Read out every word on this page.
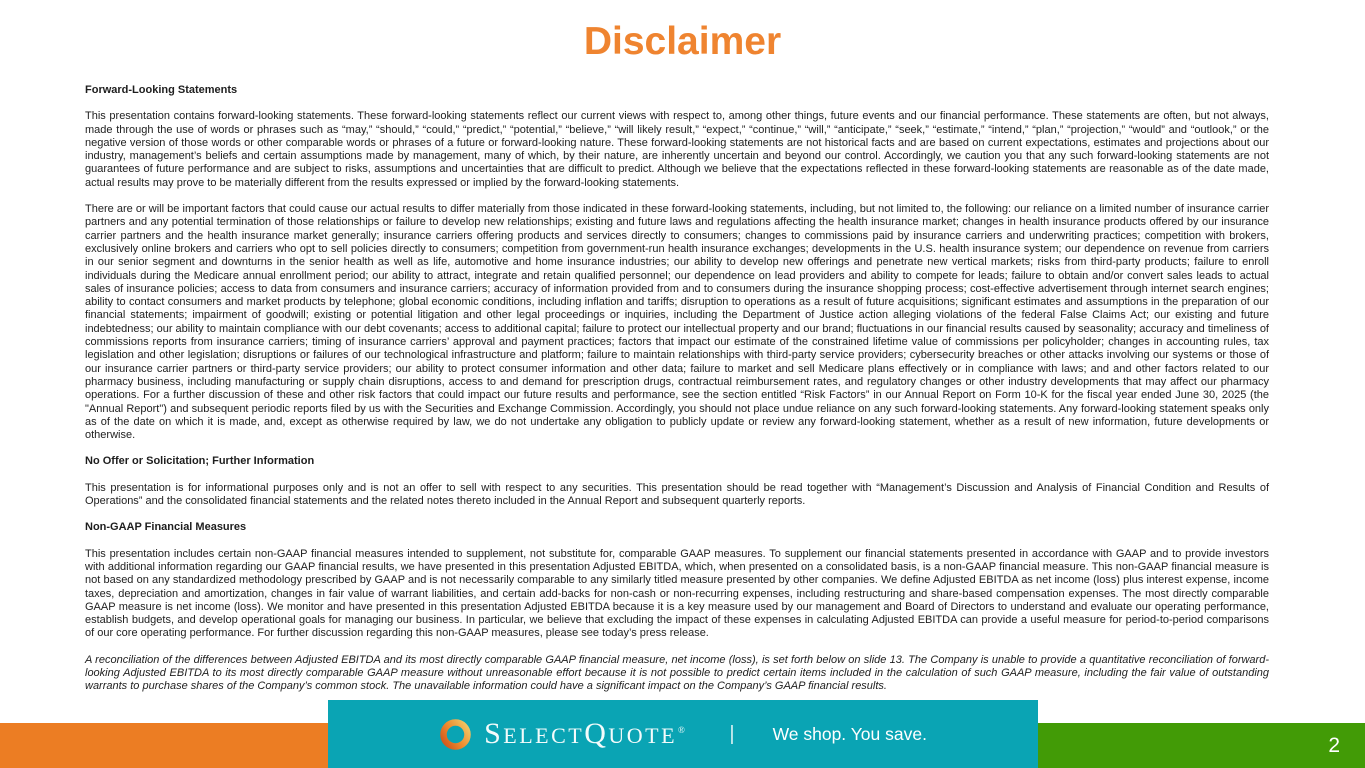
Disclaimer
Forward-Looking Statements

This presentation contains forward-looking statements. These forward-looking statements reflect our current views with respect to, among other things, future events and our financial performance. These statements are often, but not always, made through the use of words or phrases such as “may,” “should,” “could,” “predict,” “potential,” “believe,” “will likely result,” “expect,” “continue,” “will,” “anticipate,” “seek,” “estimate,” “intend,” “plan,” “projection,” “would” and “outlook,” or the negative version of those words or other comparable words or phrases of a future or forward-looking nature. These forward-looking statements are not historical facts and are based on current expectations, estimates and projections about our industry, management’s beliefs and certain assumptions made by management, many of which, by their nature, are inherently uncertain and beyond our control. Accordingly, we caution you that any such forward-looking statements are not guarantees of future performance and are subject to risks, assumptions and uncertainties that are difficult to predict. Although we believe that the expectations reflected in these forward-looking statements are reasonable as of the date made, actual results may prove to be materially different from the results expressed or implied by the forward-looking statements.

There are or will be important factors that could cause our actual results to differ materially from those indicated in these forward-looking statements, including, but not limited to, the following: our reliance on a limited number of insurance carrier partners and any potential termination of those relationships or failure to develop new relationships; existing and future laws and regulations affecting the health insurance market; changes in health insurance products offered by our insurance carrier partners and the health insurance market generally; insurance carriers offering products and services directly to consumers; changes to commissions paid by insurance carriers and underwriting practices; competition with brokers, exclusively online brokers and carriers who opt to sell policies directly to consumers; competition from government-run health insurance exchanges; developments in the U.S. health insurance system; our dependence on revenue from carriers in our senior segment and downturns in the senior health as well as life, automotive and home insurance industries; our ability to develop new offerings and penetrate new vertical markets; risks from third-party products; failure to enroll individuals during the Medicare annual enrollment period; our ability to attract, integrate and retain qualified personnel; our dependence on lead providers and ability to compete for leads; failure to obtain and/or convert sales leads to actual sales of insurance policies; access to data from consumers and insurance carriers; accuracy of information provided from and to consumers during the insurance shopping process; cost-effective advertisement through internet search engines; ability to contact consumers and market products by telephone; global economic conditions, including inflation and tariffs; disruption to operations as a result of future acquisitions; significant estimates and assumptions in the preparation of our financial statements; impairment of goodwill; existing or potential litigation and other legal proceedings or inquiries, including the Department of Justice action alleging violations of the federal False Claims Act; our existing and future indebtedness; our ability to maintain compliance with our debt covenants; access to additional capital; failure to protect our intellectual property and our brand; fluctuations in our financial results caused by seasonality; accuracy and timeliness of commissions reports from insurance carriers; timing of insurance carriers’ approval and payment practices; factors that impact our estimate of the constrained lifetime value of commissions per policyholder; changes in accounting rules, tax legislation and other legislation; disruptions or failures of our technological infrastructure and platform; failure to maintain relationships with third-party service providers; cybersecurity breaches or other attacks involving our systems or those of our insurance carrier partners or third-party service providers; our ability to protect consumer information and other data; failure to market and sell Medicare plans effectively or in compliance with laws; and and other factors related to our pharmacy business, including manufacturing or supply chain disruptions, access to and demand for prescription drugs, contractual reimbursement rates, and regulatory changes or other industry developments that may affect our pharmacy operations. For a further discussion of these and other risk factors that could impact our future results and performance, see the section entitled “Risk Factors” in our Annual Report on Form 10-K for the fiscal year ended June 30, 2025 (the "Annual Report") and subsequent periodic reports filed by us with the Securities and Exchange Commission. Accordingly, you should not place undue reliance on any such forward-looking statements. Any forward-looking statement speaks only as of the date on which it is made, and, except as otherwise required by law, we do not undertake any obligation to publicly update or review any forward-looking statement, whether as a result of new information, future developments or otherwise.

No Offer or Solicitation; Further Information

This presentation is for informational purposes only and is not an offer to sell with respect to any securities. This presentation should be read together with “Management’s Discussion and Analysis of Financial Condition and Results of Operations” and the consolidated financial statements and the related notes thereto included in the Annual Report and subsequent quarterly reports.

Non-GAAP Financial Measures

This presentation includes certain non-GAAP financial measures intended to supplement, not substitute for, comparable GAAP measures. To supplement our financial statements presented in accordance with GAAP and to provide investors with additional information regarding our GAAP financial results, we have presented in this presentation Adjusted EBITDA, which, when presented on a consolidated basis, is a non-GAAP financial measure. This non-GAAP financial measure is not based on any standardized methodology prescribed by GAAP and is not necessarily comparable to any similarly titled measure presented by other companies. We define Adjusted EBITDA as net income (loss) plus interest expense, income taxes, depreciation and amortization, changes in fair value of warrant liabilities, and certain add-backs for non-cash or non-recurring expenses, including restructuring and share-based compensation expenses. The most directly comparable GAAP measure is net income (loss). We monitor and have presented in this presentation Adjusted EBITDA because it is a key measure used by our management and Board of Directors to understand and evaluate our operating performance, establish budgets, and develop operational goals for managing our business. In particular, we believe that excluding the impact of these expenses in calculating Adjusted EBITDA can provide a useful measure for period-to-period comparisons of our core operating performance. For further discussion regarding this non-GAAP measures, please see today’s press release.

A reconciliation of the differences between Adjusted EBITDA and its most directly comparable GAAP financial measure, net income (loss), is set forth below on slide 13. The Company is unable to provide a quantitative reconciliation of forward-looking Adjusted EBITDA to its most directly comparable GAAP measure without unreasonable effort because it is not possible to predict certain items included in the calculation of such GAAP measure, including the fair value of outstanding warrants to purchase shares of the Company’s common stock. The unavailable information could have a significant impact on the Company’s GAAP financial results.

S ELECT Q UOTE ® | We shop. You save.	2
